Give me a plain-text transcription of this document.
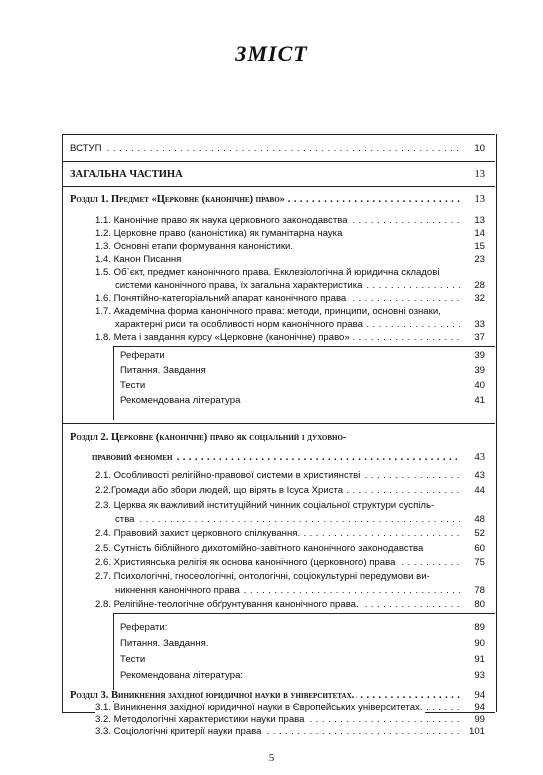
ЗМІСТ
ВСТУП . . .	10
ЗАГАЛЬНА ЧАСТИНА	13
Розділ 1. Предмет «Церковне (канонічне) право» . . .	13
1.1. Канонічне право як наука церковного законодавства . . .	13
1.2. Церковне право (каноністика) як гуманітарна наука	14
1.3. Основні етапи формування каноністики.	15
1.4. Канон Писання	23
1.5. Об`єкт, предмет канонічного права. Екклезіологічна й юридична складові
системи канонічного права, їх загальна характеристика . . .	28
1.6. Понятійно-категоріальний апарат канонічного права . . .	32
1.7. Академічна форма канонічного права: методи, принципи, основні ознаки,
характерні риси та особливості норм канонічного права . . .	33
1.8. Мета і завдання курсу «Церковне (канонічне) право» . . .	37
Реферати	39
Питання. Завдання	39
Тести	40
Рекомендована література	41
Розділ 2. Церковне (канонічне) право як соціальний і духовно-
правовий феномен . . .	43
2.1. Особливості релігійно-правової системи в християнстві . . .	43
2.2.Громади або збори людей, що вірять в Ісуса Христа . . .	44
2.3. Церква як важливий інституційний чинник соціальної структури суспіль-
ства . . .	48
2.4. Правовий захист церковного спілкування. . . .	52
2.5. Сутність біблійного дихотомійно-завітного канонічного законодавства	60
2.6. Християнська релігія як основа канонічного (церковного) права . . .	75
2.7. Психологічні, гносеологічні, онтологічні, соціокультурні передумови ви-
никнення канонічного права . . .	78
2.8. Релігійне-теологічне обґрунтування канонічного права. . . .	80
Реферати:	89
Питання. Завдання.	90
Тести	91
Рекомендована література:	93
Розділ 3. Виникнення західної юридичної науки в університетах. . . .	94
3.1. Виникнення західної юридичної науки в Європейських університетах. . . .	94
3.2. Методологічні характеристики науки права . . .	99
3.3. Соціологічні критерії науки права . . .	101
5
